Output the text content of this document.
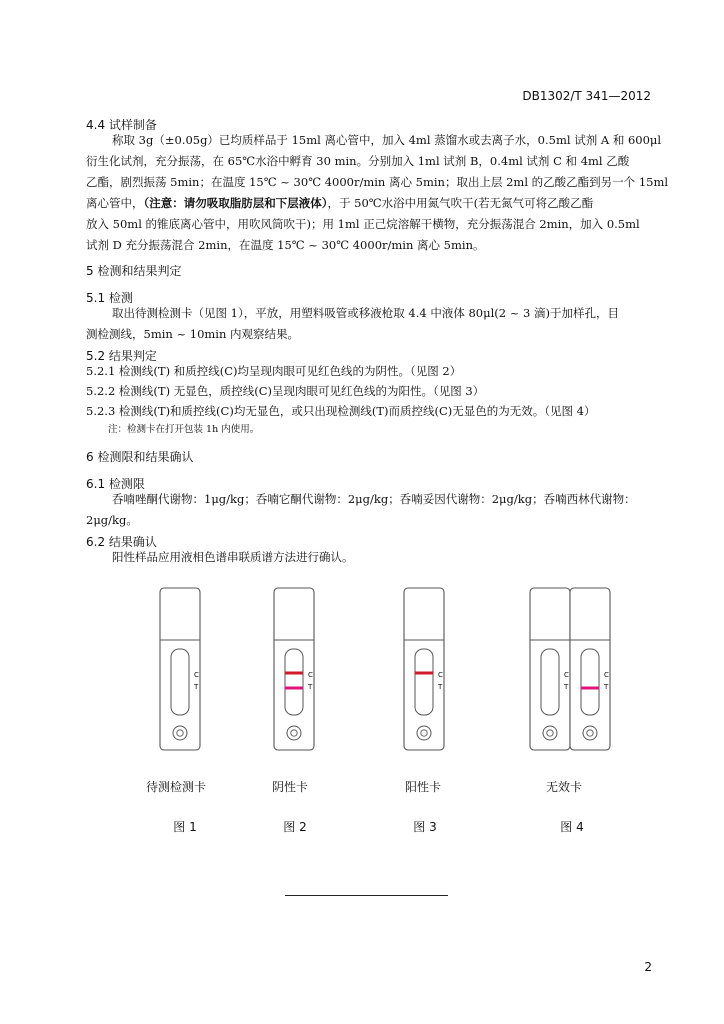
DB1302/T 341—2012
4.4 试样制备
称取 3g（±0.05g）已均质样品于 15ml 离心管中，加入 4ml 蒸馏水或去离子水，0.5ml 试剂 A 和 600μl
衍生化试剂，充分振荡，在 65℃水浴中孵育 30 min。分别加入 1ml 试剂 B，0.4ml 试剂 C 和 4ml 乙酸
乙酯，剧烈振荡 5min；在温度 15℃ ~ 30℃ 4000r/min 离心 5min；取出上层 2ml 的乙酸乙酯到另一个 15ml
离心管中，（注意：请勿吸取脂肪层和下层液体），于 50℃水浴中用氮气吹干(若无氮气可将乙酸乙酯
放入 50ml 的锥底离心管中，用吹风筒吹干)；用 1ml 正己烷溶解干横物，充分振荡混合 2min，加入 0.5ml
试剂 D 充分振荡混合 2min，在温度 15℃ ~ 30℃ 4000r/min 离心 5min。
5 检测和结果判定
5.1 检测
取出待测检测卡（见图 1），平放，用塑料吸管或移液枪取 4.4 中液体 80μl(2 ~ 3 滴)于加样孔，目
测检测线，5min ~ 10min 内观察结果。
5.2 结果判定
5.2.1 检测线(T) 和质控线(C)均呈现肉眼可见红色线的为阴性。（见图 2）
5.2.2 检测线(T) 无显色，质控线(C)呈现肉眼可见红色线的为阳性。（见图 3）
5.2.3 检测线(T)和质控线(C)均无显色，或只出现检测线(T)而质控线(C)无显色的为无效。（见图 4）
注：检测卡在打开包装 1h 内使用。
6 检测限和结果确认
6.1 检测限
呑喃唑酮代谢物：1μg/kg；呑喃它酮代谢物：2μg/kg；呑喃妥因代谢物：2μg/kg；呑喃西林代谢物：
2μg/kg。
6.2 结果确认
阳性样品应用液相色谱串联质谱方法进行确认。
C
T
C
T
C
T
C
T
C
T
待测检测卡	阴性卡	阳性卡	无效卡
图 1	图 2	图 3	图 4
2
